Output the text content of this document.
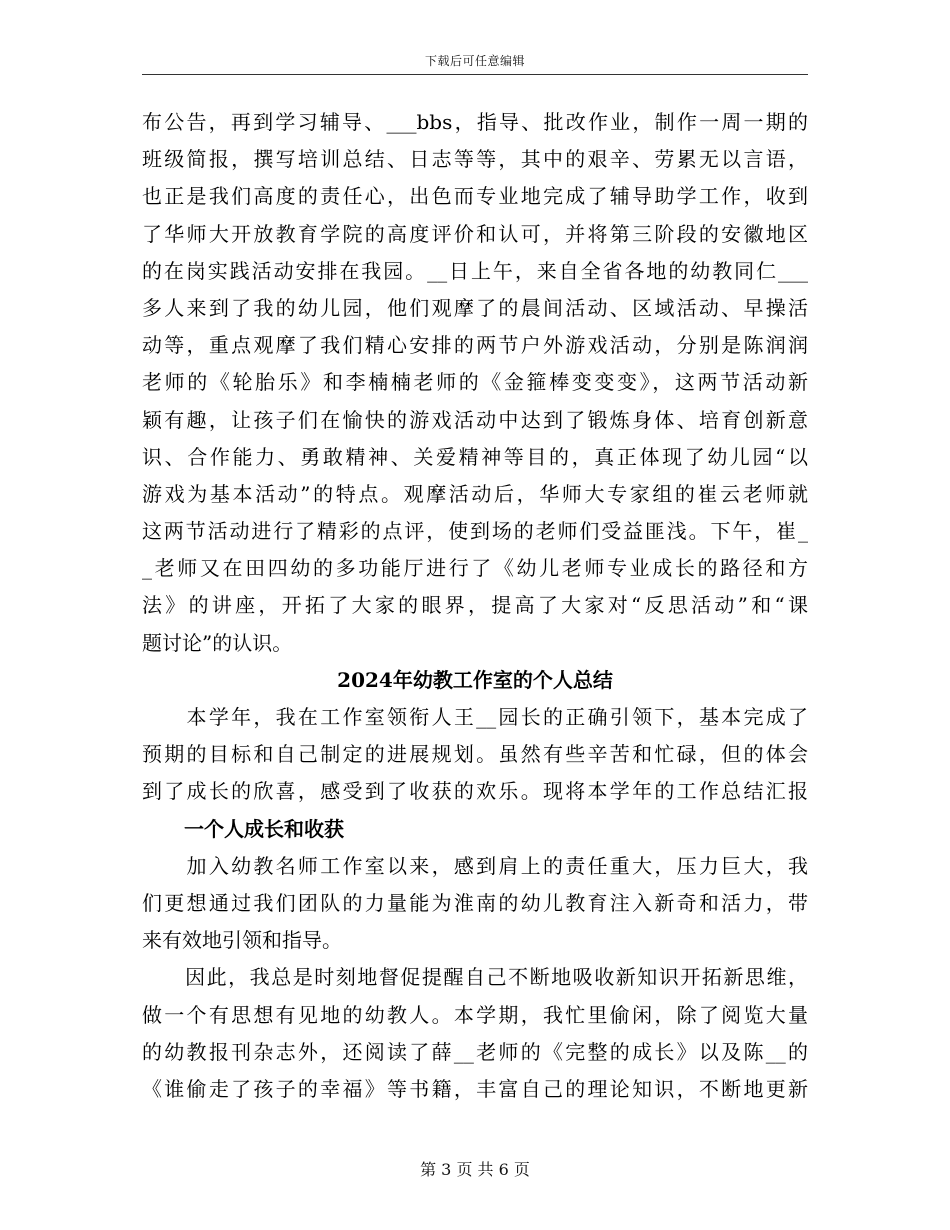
下载后可任意编辑
布公告，再到学习辅导、___bbs，指导、批改作业，制作一周一期的
班级简报，撰写培训总结、日志等等，其中的艰辛、劳累无以言语，
也正是我们高度的责任心，出色而专业地完成了辅导助学工作，收到
了华师大开放教育学院的高度评价和认可，并将第三阶段的安徽地区
的在岗实践活动安排在我园。__日上午，来自全省各地的幼教同仁___
多人来到了我的幼儿园，他们观摩了的晨间活动、区域活动、早操活
动等，重点观摩了我们精心安排的两节户外游戏活动，分别是陈润润
老师的《轮胎乐》和李楠楠老师的《金箍棒变变变》，这两节活动新
颖有趣，让孩子们在愉快的游戏活动中达到了锻炼身体、培育创新意
识、合作能力、勇敢精神、关爱精神等目的，真正体现了幼儿园“以
游戏为基本活动”的特点。观摩活动后，华师大专家组的崔云老师就
这两节活动进行了精彩的点评，使到场的老师们受益匪浅。下午，崔_
_老师又在田四幼的多功能厅进行了《幼儿老师专业成长的路径和方
法》的讲座，开拓了大家的眼界，提高了大家对“反思活动”和“课
题讨论”的认识。
2024年幼教工作室的个人总结
　　本学年，我在工作室领衔人王__园长的正确引领下，基本完成了
预期的目标和自己制定的进展规划。虽然有些辛苦和忙碌，但的体会
到了成长的欣喜，感受到了收获的欢乐。现将本学年的工作总结汇报
一个人成长和收获
　　加入幼教名师工作室以来，感到肩上的责任重大，压力巨大，我
们更想通过我们团队的力量能为淮南的幼儿教育注入新奇和活力，带
来有效地引领和指导。
　　因此，我总是时刻地督促提醒自己不断地吸收新知识开拓新思维，
做一个有思想有见地的幼教人。本学期，我忙里偷闲，除了阅览大量
的幼教报刊杂志外，还阅读了薛__老师的《完整的成长》以及陈__的
《谁偷走了孩子的幸福》等书籍，丰富自己的理论知识，不断地更新
第 3 页 共 6 页
